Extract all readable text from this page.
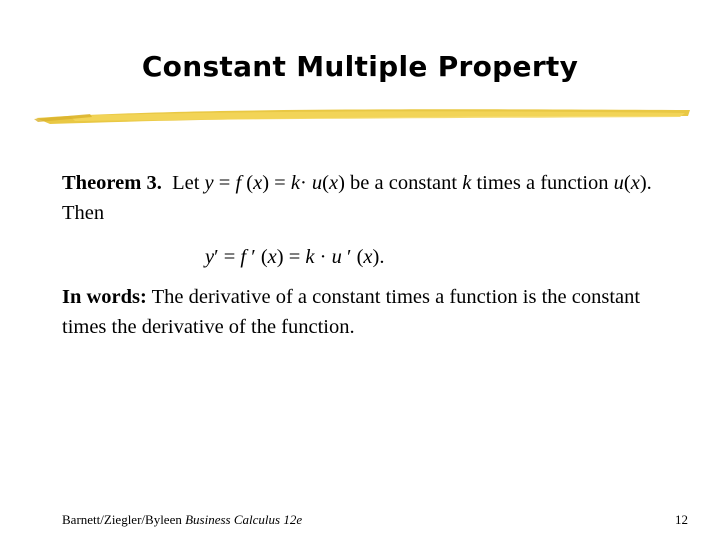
Constant Multiple Property
Theorem 3. Let y = f (x) = k· u(x) be a constant k times a function u(x). Then
y′ = f ′ (x) = k · u ′ (x).
In words: The derivative of a constant times a function is the constant times the derivative of the function.
Barnett/Ziegler/Byleen Business Calculus 12e	12
